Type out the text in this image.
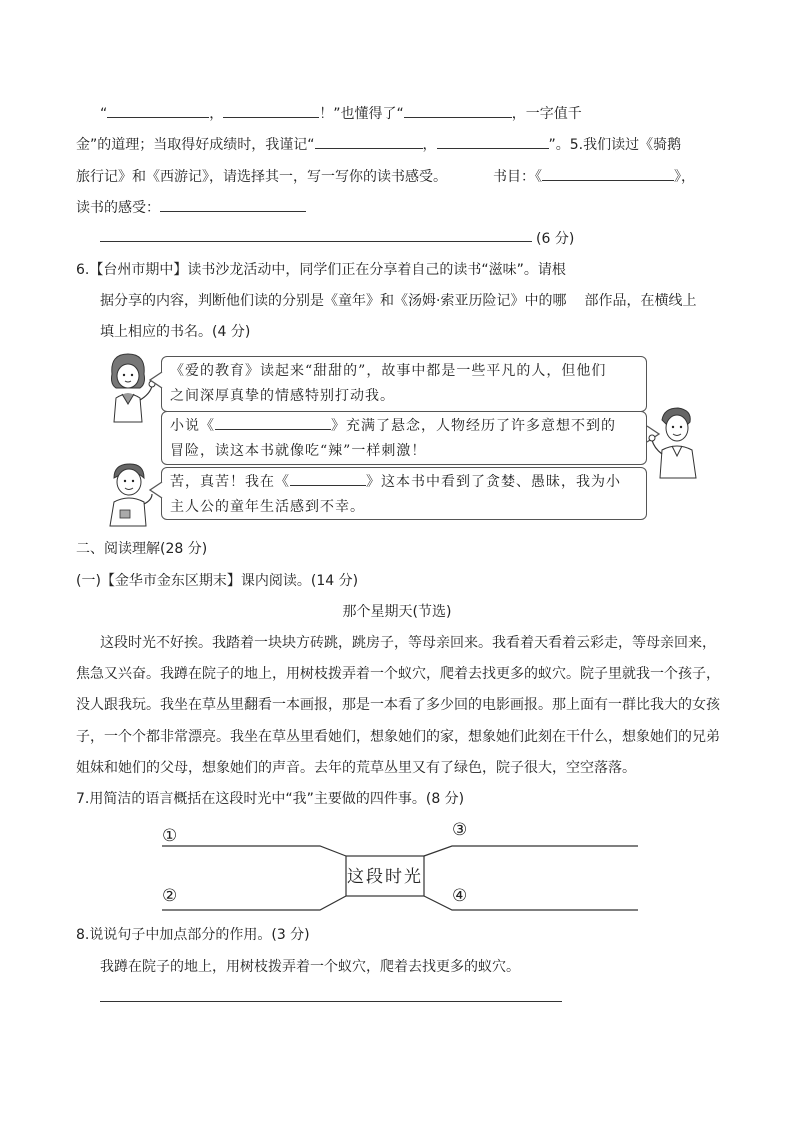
“	，	！”也懂得了“	，一字值千
金”的道理；当取得好成绩时，我谨记“	，	”。5.我们读过《骑鹅
旅行记》和《西游记》，请选择其一，写一写你的读书感受。	书目：《	》，
读书的感受：
(6 分)
6.【台州市期中】读书沙龙活动中，同学们正在分享着自己的读书“滋味”。请根
据分享的内容，判断他们读的分别是《童年》和《汤姆·索亚历险记》中的哪 部作品，在横线上
填上相应的书名。(4 分)
《爱的教育》读起来“甜甜的”，故事中都是一些平凡的人，但他们
之间深厚真挚的情感特别打动我。
小说《	》充满了悬念，人物经历了许多意想不到的
冒险，读这本书就像吃“辣”一样刺激！
苦，真苦！我在《	》这本书中看到了贪婪、愚昧，我为小
主人公的童年生活感到不幸。
二、阅读理解(28 分)
(一)【金华市金东区期末】课内阅读。(14 分)
那个星期天(节选)
这段时光不好挨。我踏着一块块方砖跳，跳房子，等母亲回来。我看着天看着云彩走，等母亲回来，
焦急又兴奋。我蹲在院子的地上，用树枝拨弄着一个蚁穴，爬着去找更多的蚁穴。院子里就我一个孩子，
没人跟我玩。我坐在草丛里翻看一本画报，那是一本看了多少回的电影画报。那上面有一群比我大的女孩
子，一个个都非常漂亮。我坐在草丛里看她们，想象她们的家，想象她们此刻在干什么，想象她们的兄弟
姐妹和她们的父母，想象她们的声音。去年的荒草丛里又有了绿色，院子很大，空空落落。
7.用简洁的语言概括在这段时光中“我”主要做的四件事。(8 分)
这段时光
①
②
③
④
8.说说句子中加点部分的作用。(3 分)
我蹲在院子的地上，用树枝拨弄着一个蚁穴，爬着去找更多的蚁穴。
